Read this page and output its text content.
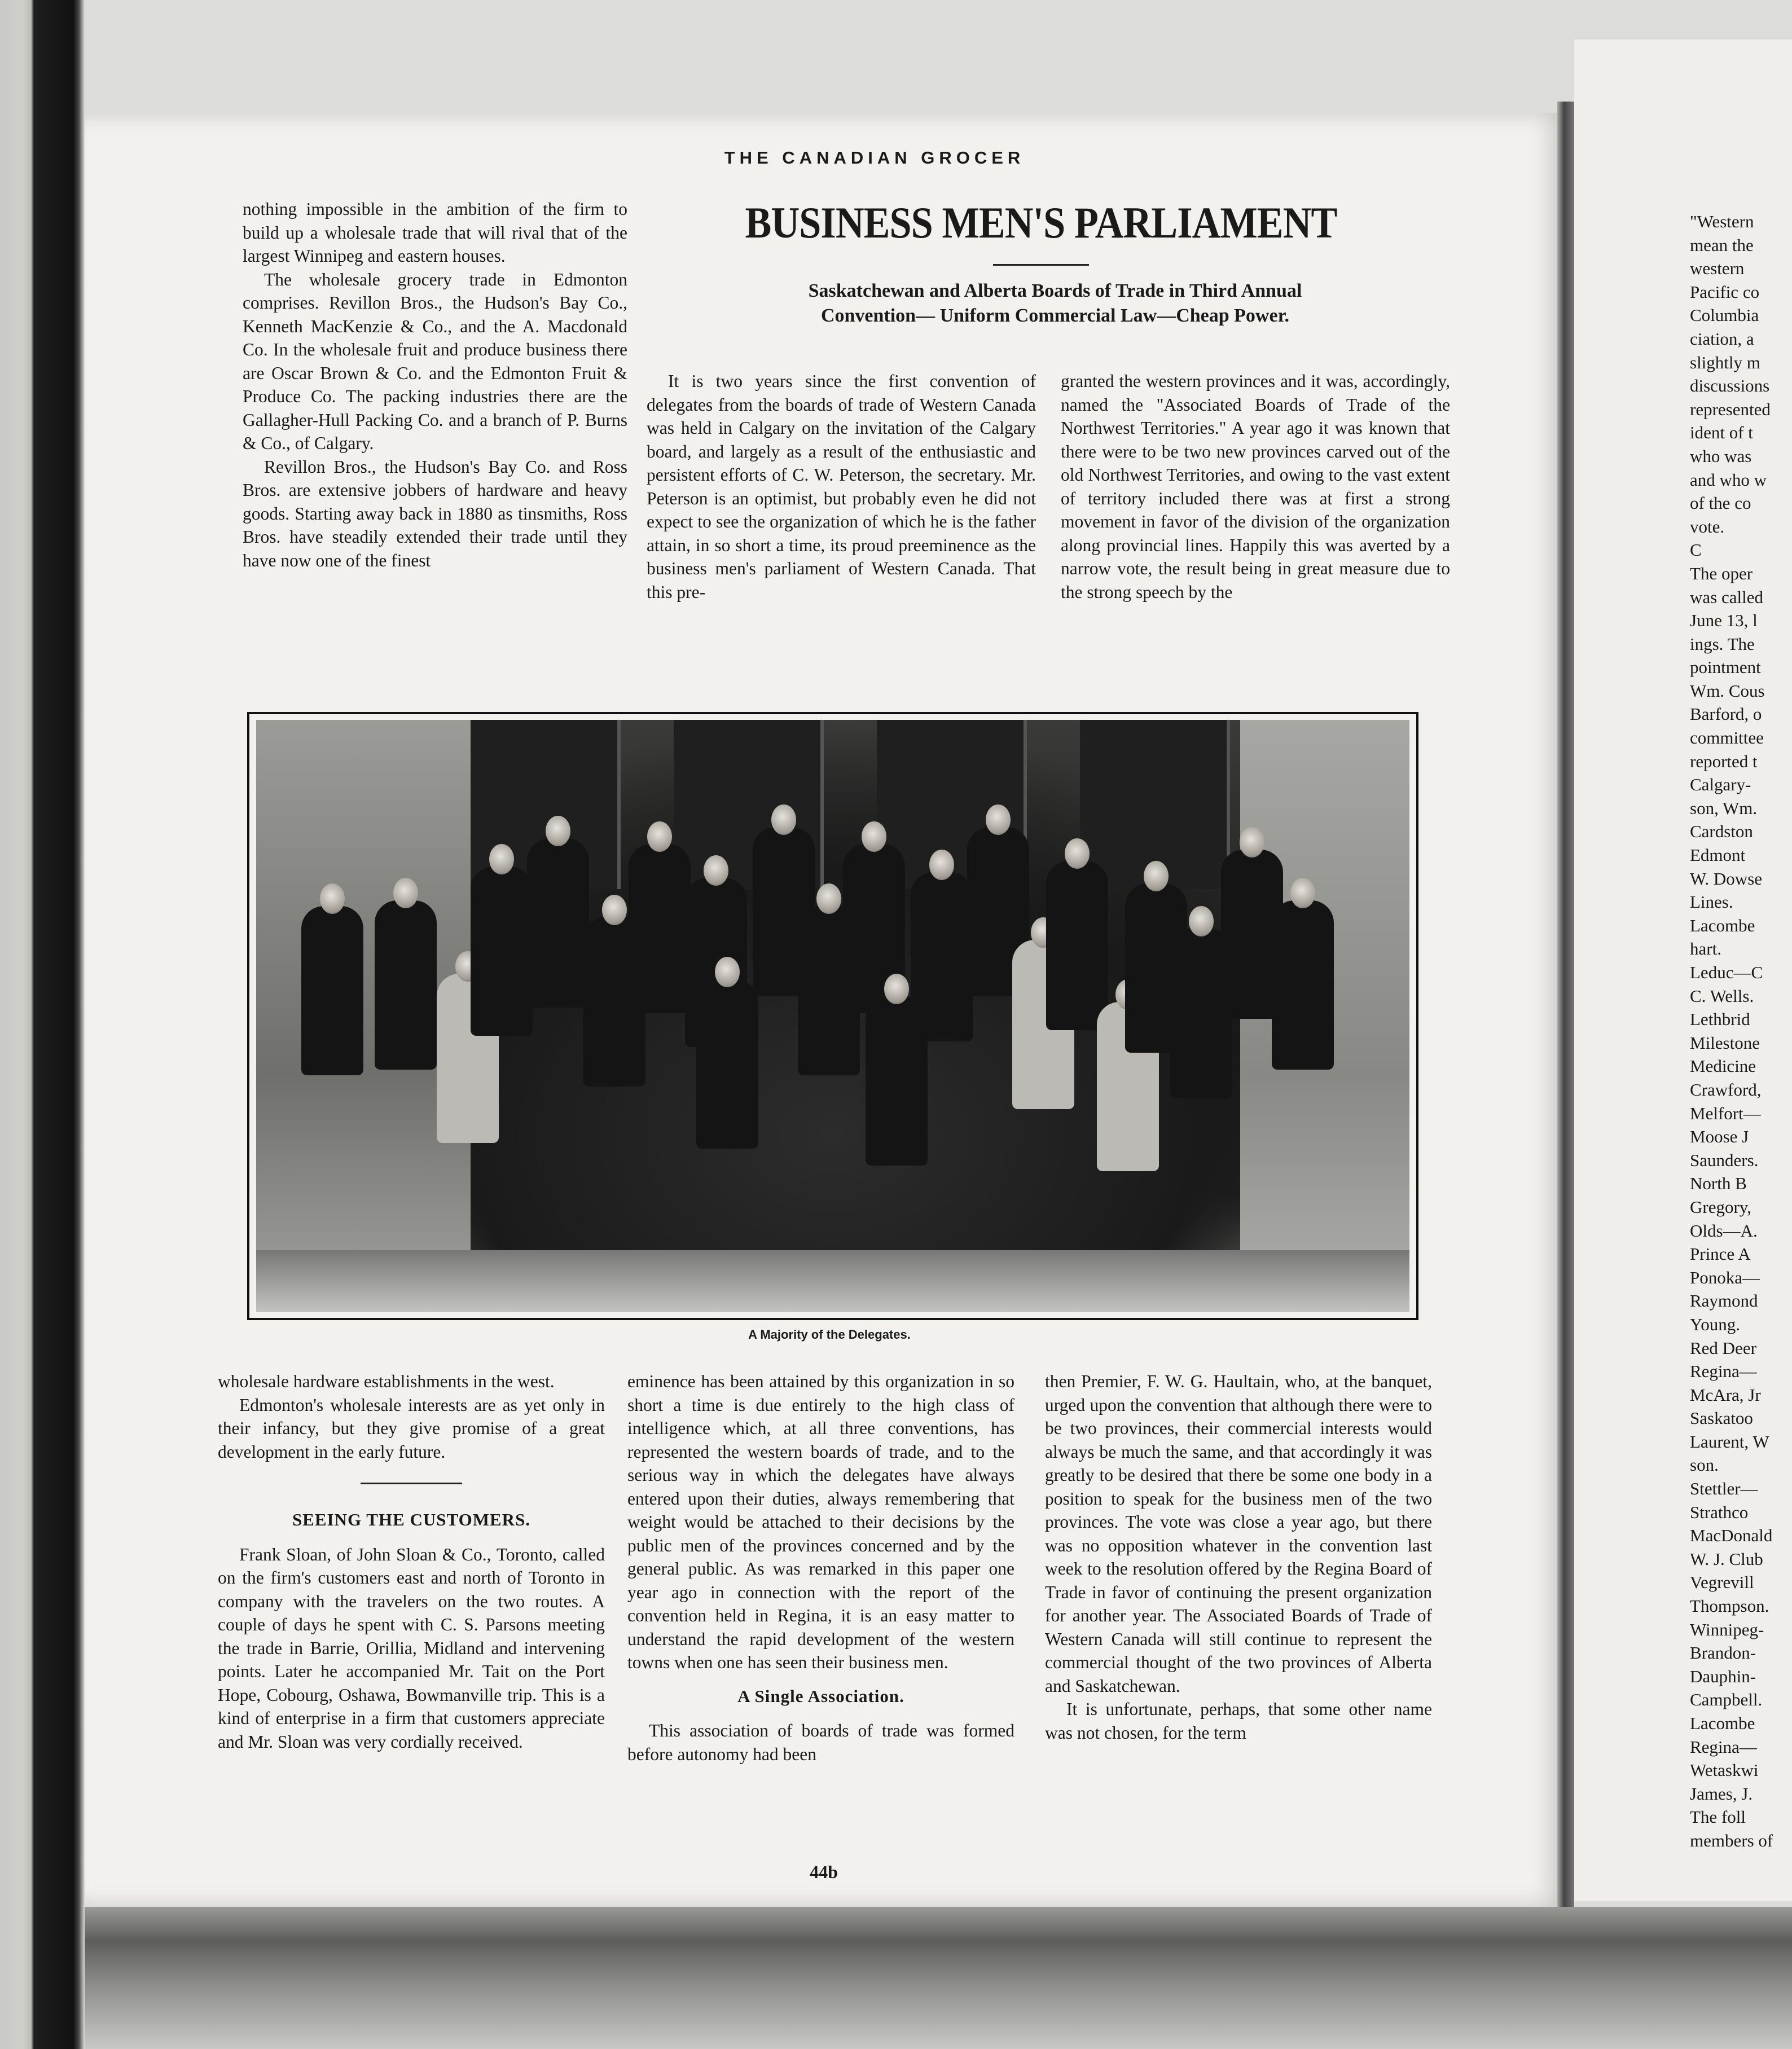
THE CANADIAN GROCER
BUSINESS MEN'S PARLIAMENT
Saskatchewan and Alberta Boards of Trade in Third Annual Convention— Uniform Commercial Law—Cheap Power.

nothing impossible in the ambition of the firm to build up a wholesale trade that will rival that of the largest Winnipeg and eastern houses.

The wholesale grocery trade in Edmonton comprises. Revillon Bros., the Hudson's Bay Co., Kenneth MacKenzie & Co., and the A. Macdonald Co. In the wholesale fruit and produce business there are Oscar Brown & Co. and the Edmonton Fruit & Produce Co. The packing industries there are the Gallagher-Hull Packing Co. and a branch of P. Burns & Co., of Calgary.

Revillon Bros., the Hudson's Bay Co. and Ross Bros. are extensive jobbers of hardware and heavy goods. Starting away back in 1880 as tinsmiths, Ross Bros. have steadily extended their trade until they have now one of the finest

It is two years since the first convention of delegates from the boards of trade of Western Canada was held in Calgary on the invitation of the Calgary board, and largely as a result of the enthusiastic and persistent efforts of C. W. Peterson, the secretary. Mr. Peterson is an optimist, but probably even he did not expect to see the organization of which he is the father attain, in so short a time, its proud preeminence as the business men's parliament of Western Canada. That this pre-

granted the western provinces and it was, accordingly, named the "Associated Boards of Trade of the Northwest Territories." A year ago it was known that there were to be two new provinces carved out of the old Northwest Territories, and owing to the vast extent of territory included there was at first a strong movement in favor of the division of the organization along provincial lines. Happily this was averted by a narrow vote, the result being in great measure due to the strong speech by the

A Majority of the Delegates.

wholesale hardware establishments in the west.

Edmonton's wholesale interests are as yet only in their infancy, but they give promise of a great development in the early future.

SEEING THE CUSTOMERS.

Frank Sloan, of John Sloan & Co., Toronto, called on the firm's customers east and north of Toronto in company with the travelers on the two routes. A couple of days he spent with C. S. Parsons meeting the trade in Barrie, Orillia, Midland and intervening points. Later he accompanied Mr. Tait on the Port Hope, Cobourg, Oshawa, Bowmanville trip. This is a kind of enterprise in a firm that customers appreciate and Mr. Sloan was very cordially received.

eminence has been attained by this organization in so short a time is due entirely to the high class of intelligence which, at all three conventions, has represented the western boards of trade, and to the serious way in which the delegates have always entered upon their duties, always remembering that weight would be attached to their decisions by the public men of the provinces concerned and by the general public. As was remarked in this paper one year ago in connection with the report of the convention held in Regina, it is an easy matter to understand the rapid development of the western towns when one has seen their business men.

A Single Association.

This association of boards of trade was formed before autonomy had been

then Premier, F. W. G. Haultain, who, at the banquet, urged upon the convention that although there were to be two provinces, their commercial interests would always be much the same, and that accordingly it was greatly to be desired that there be some one body in a position to speak for the business men of the two provinces. The vote was close a year ago, but there was no opposition whatever in the convention last week to the resolution offered by the Regina Board of Trade in favor of continuing the present organization for another year. The Associated Boards of Trade of Western Canada will still continue to represent the commercial thought of the two provinces of Alberta and Saskatchewan.

It is unfortunate, perhaps, that some other name was not chosen, for the term

44b
"Western
mean the
western
Pacific co
Columbia
ciation, a
slightly m
discussions
represented
ident of t
who was
and who w
of the co
vote.
C
The oper
was called
June 13, l
ings. The
pointment
Wm. Cous
Barford, o
committee
reported t
Calgary-
son, Wm.
Cardston
Edmont
W. Dowse
Lines.
Lacombe
hart.
Leduc—C
C. Wells.
Lethbrid
Milestone
Medicine
Crawford,
Melfort—
Moose J
Saunders.
North B
Gregory,
Olds—A.
Prince A
Ponoka—
Raymond
Young.
Red Deer
Regina—
McAra, Jr
Saskatoo
Laurent, W
son.
Stettler—
Strathco
MacDonald
W. J. Club
Vegrevill
Thompson.
Winnipeg-
Brandon-
Dauphin-
Campbell.
Lacombe
Regina—
Wetaskwi
James, J.
The foll
members of
